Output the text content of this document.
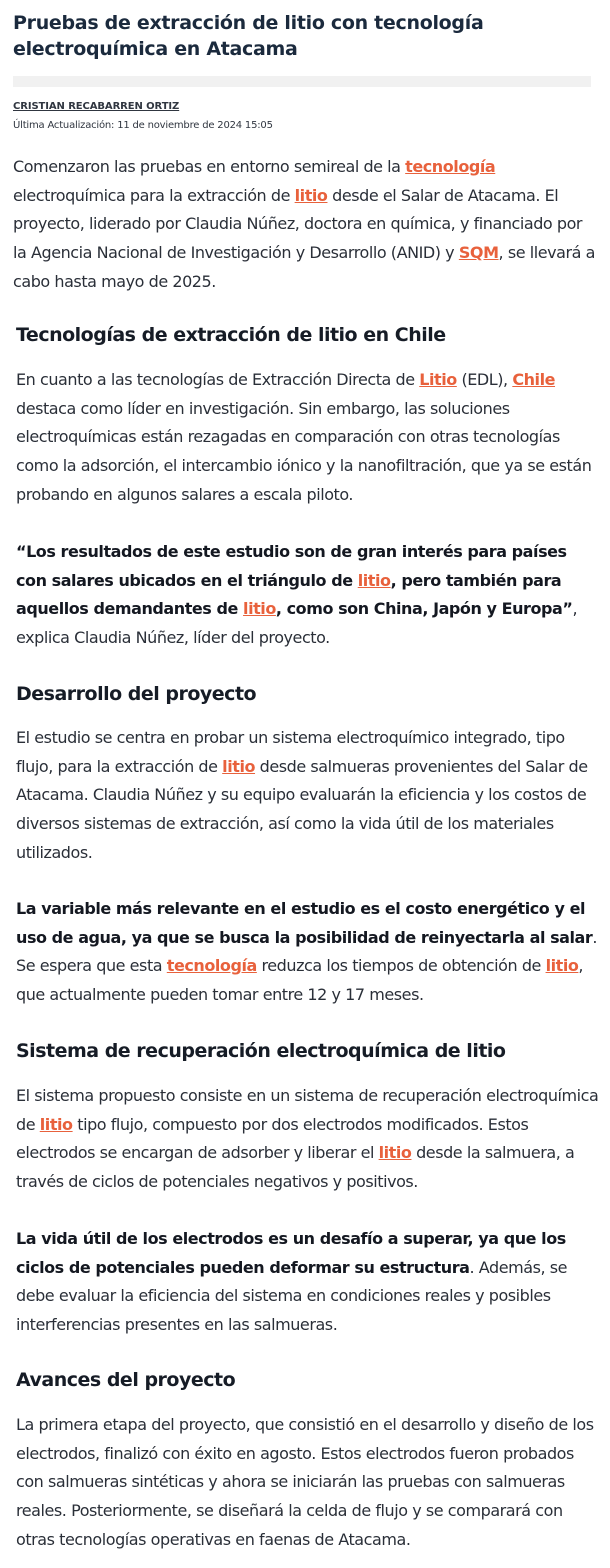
Pruebas de extracción de litio con tecnología electroquímica en Atacama
CRISTIAN RECABARREN ORTIZ
Última Actualización: 11 de noviembre de 2024 15:05

Comenzaron las pruebas en entorno semireal de la tecnología electroquímica para la extracción de litio desde el Salar de Atacama. El proyecto, liderado por Claudia Núñez, doctora en química, y financiado por la Agencia Nacional de Investigación y Desarrollo (ANID) y SQM, se llevará a cabo hasta mayo de 2025.

Tecnologías de extracción de litio en Chile

En cuanto a las tecnologías de Extracción Directa de Litio (EDL), Chile destaca como líder en investigación. Sin embargo, las soluciones electroquímicas están rezagadas en comparación con otras tecnologías como la adsorción, el intercambio iónico y la nanofiltración, que ya se están probando en algunos salares a escala piloto.

“Los resultados de este estudio son de gran interés para países con salares ubicados en el triángulo de litio, pero también para aquellos demandantes de litio, como son China, Japón y Europa”, explica Claudia Núñez, líder del proyecto.

Desarrollo del proyecto

El estudio se centra en probar un sistema electroquímico integrado, tipo flujo, para la extracción de litio desde salmueras provenientes del Salar de Atacama. Claudia Núñez y su equipo evaluarán la eficiencia y los costos de diversos sistemas de extracción, así como la vida útil de los materiales utilizados.

La variable más relevante en el estudio es el costo energético y el uso de agua, ya que se busca la posibilidad de reinyectarla al salar. Se espera que esta tecnología reduzca los tiempos de obtención de litio, que actualmente pueden tomar entre 12 y 17 meses.

Sistema de recuperación electroquímica de litio

El sistema propuesto consiste en un sistema de recuperación electroquímica de litio tipo flujo, compuesto por dos electrodos modificados. Estos electrodos se encargan de adsorber y liberar el litio desde la salmuera, a través de ciclos de potenciales negativos y positivos.

La vida útil de los electrodos es un desafío a superar, ya que los ciclos de potenciales pueden deformar su estructura. Además, se debe evaluar la eficiencia del sistema en condiciones reales y posibles interferencias presentes en las salmueras.

Avances del proyecto

La primera etapa del proyecto, que consistió en el desarrollo y diseño de los electrodos, finalizó con éxito en agosto. Estos electrodos fueron probados con salmueras sintéticas y ahora se iniciarán las pruebas con salmueras reales. Posteriormente, se diseñará la celda de flujo y se comparará con otras tecnologías operativas en faenas de Atacama.
